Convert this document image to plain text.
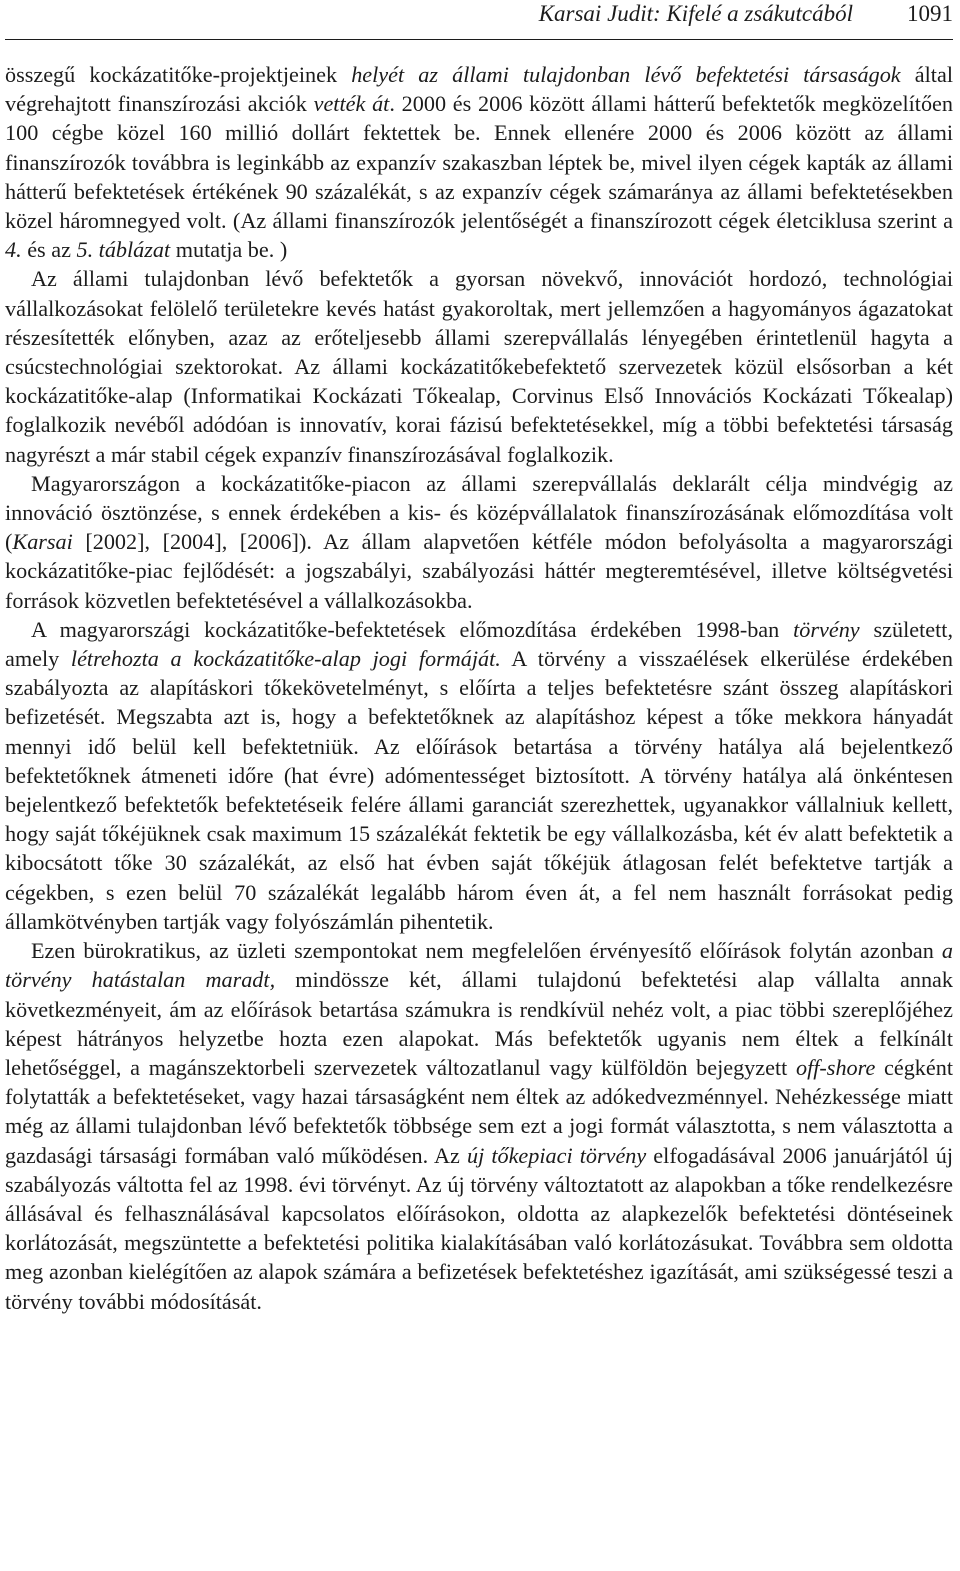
Karsai Judit: Kifelé a zsákutcából 1091

összegű kockázatitőke-projektjeinek helyét az állami tulajdonban lévő befektetési társaságok által végrehajtott finanszírozási akciók vették át. 2000 és 2006 között állami hátterű befektetők megközelítően 100 cégbe közel 160 millió dollárt fektettek be. Ennek ellenére 2000 és 2006 között az állami finanszírozók továbbra is leginkább az expanzív szakaszban léptek be, mivel ilyen cégek kapták az állami hátterű befektetések értékének 90 százalékát, s az expanzív cégek számaránya az állami befektetésekben közel háromnegyed volt. (Az állami finanszírozók jelentőségét a finanszírozott cégek életciklusa szerint a 4. és az 5. táblázat mutatja be. )

Az állami tulajdonban lévő befektetők a gyorsan növekvő, innovációt hordozó, technológiai vállalkozásokat felölelő területekre kevés hatást gyakoroltak, mert jellemzően a hagyományos ágazatokat részesítették előnyben, azaz az erőteljesebb állami szerepvállalás lényegében érintetlenül hagyta a csúcstechnológiai szektorokat. Az állami kockázatitőkebefektető szervezetek közül elsősorban a két kockázatitőke-alap (Informatikai Kockázati Tőkealap, Corvinus Első Innovációs Kockázati Tőkealap) foglalkozik nevéből adódóan is innovatív, korai fázisú befektetésekkel, míg a többi befektetési társaság nagyrészt a már stabil cégek expanzív finanszírozásával foglalkozik.

Magyarországon a kockázatitőke-piacon az állami szerepvállalás deklarált célja mindvégig az innováció ösztönzése, s ennek érdekében a kis- és középvállalatok finanszírozásának előmozdítása volt (Karsai [2002], [2004], [2006]). Az állam alapvetően kétféle módon befolyásolta a magyarországi kockázatitőke-piac fejlődését: a jogszabályi, szabályozási háttér megteremtésével, illetve költségvetési források közvetlen befektetésével a vállalkozásokba.

A magyarországi kockázatitőke-befektetések előmozdítása érdekében 1998-ban törvény született, amely létrehozta a kockázatitőke-alap jogi formáját. A törvény a visszaélések elkerülése érdekében szabályozta az alapításkori tőkekövetelményt, s előírta a teljes befektetésre szánt összeg alapításkori befizetését. Megszabta azt is, hogy a befektetőknek az alapításhoz képest a tőke mekkora hányadát mennyi idő belül kell befektetniük. Az előírások betartása a törvény hatálya alá bejelentkező befektetőknek átmeneti időre (hat évre) adómentességet biztosított. A törvény hatálya alá önkéntesen bejelentkező befektetők befektetéseik felére állami garanciát szerezhettek, ugyanakkor vállalniuk kellett, hogy saját tőkéjüknek csak maximum 15 százalékát fektetik be egy vállalkozásba, két év alatt befektetik a kibocsátott tőke 30 százalékát, az első hat évben saját tőkéjük átlagosan felét befektetve tartják a cégekben, s ezen belül 70 százalékát legalább három éven át, a fel nem használt forrásokat pedig államkötvényben tartják vagy folyószámlán pihentetik.

Ezen bürokratikus, az üzleti szempontokat nem megfelelően érvényesítő előírások folytán azonban a törvény hatástalan maradt, mindössze két, állami tulajdonú befektetési alap vállalta annak következményeit, ám az előírások betartása számukra is rendkívül nehéz volt, a piac többi szereplőjéhez képest hátrányos helyzetbe hozta ezen alapokat. Más befektetők ugyanis nem éltek a felkínált lehetőséggel, a magánszektorbeli szervezetek változatlanul vagy külföldön bejegyzett off-shore cégként folytatták a befektetéseket, vagy hazai társaságként nem éltek az adókedvezménnyel. Nehézkessége miatt még az állami tulajdonban lévő befektetők többsége sem ezt a jogi formát választotta, s nem választotta a gazdasági társasági formában való működésen. Az új tőkepiaci törvény elfogadásával 2006 januárjától új szabályozás váltotta fel az 1998. évi törvényt. Az új törvény változtatott az alapokban a tőke rendelkezésre állásával és felhasználásával kapcsolatos előírásokon, oldotta az alapkezelők befektetési döntéseinek korlátozását, megszüntette a befektetési politika kialakításában való korlátozásukat. Továbbra sem oldotta meg azonban kielégítően az alapok számára a befizetések befektetéshez igazítását, ami szükségessé teszi a törvény további módosítását.
